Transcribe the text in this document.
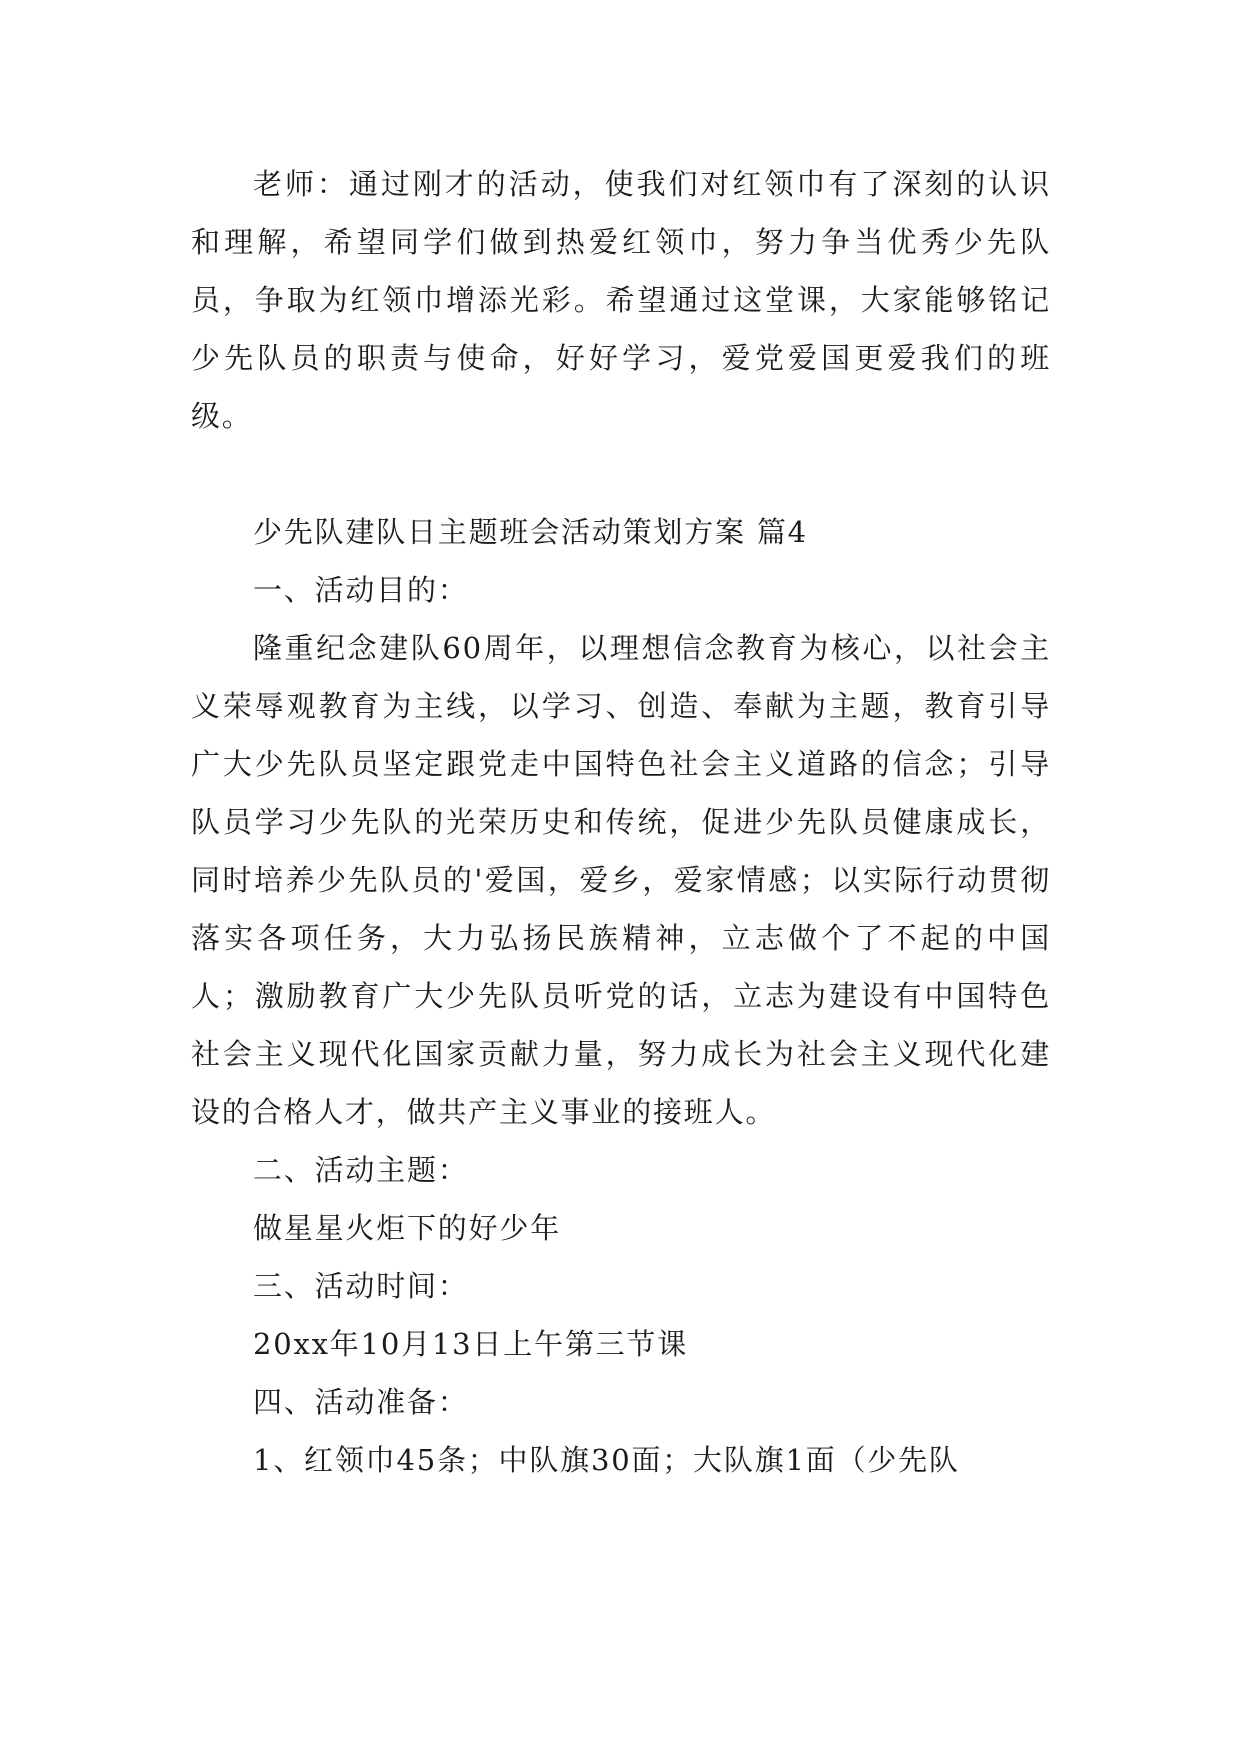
老师：通过刚才的活动，使我们对红领巾有了深刻的认识和理解，希望同学们做到热爱红领巾，努力争当优秀少先队员，争取为红领巾增添光彩。希望通过这堂课，大家能够铭记少先队员的职责与使命，好好学习，爱党爱国更爱我们的班级。

少先队建队日主题班会活动策划方案 篇4

一、活动目的：

隆重纪念建队60周年，以理想信念教育为核心，以社会主义荣辱观教育为主线，以学习、创造、奉献为主题，教育引导广大少先队员坚定跟党走中国特色社会主义道路的信念；引导队员学习少先队的光荣历史和传统，促进少先队员健康成长，同时培养少先队员的'爱国，爱乡，爱家情感；以实际行动贯彻落实各项任务，大力弘扬民族精神，立志做个了不起的中国人；激励教育广大少先队员听党的话，立志为建设有中国特色社会主义现代化国家贡献力量，努力成长为社会主义现代化建设的合格人才，做共产主义事业的接班人。

二、活动主题：

做星星火炬下的好少年

三、活动时间：

20xx年10月13日上午第三节课

四、活动准备：

1、红领巾45条；中队旗30面；大队旗1面（少先队
